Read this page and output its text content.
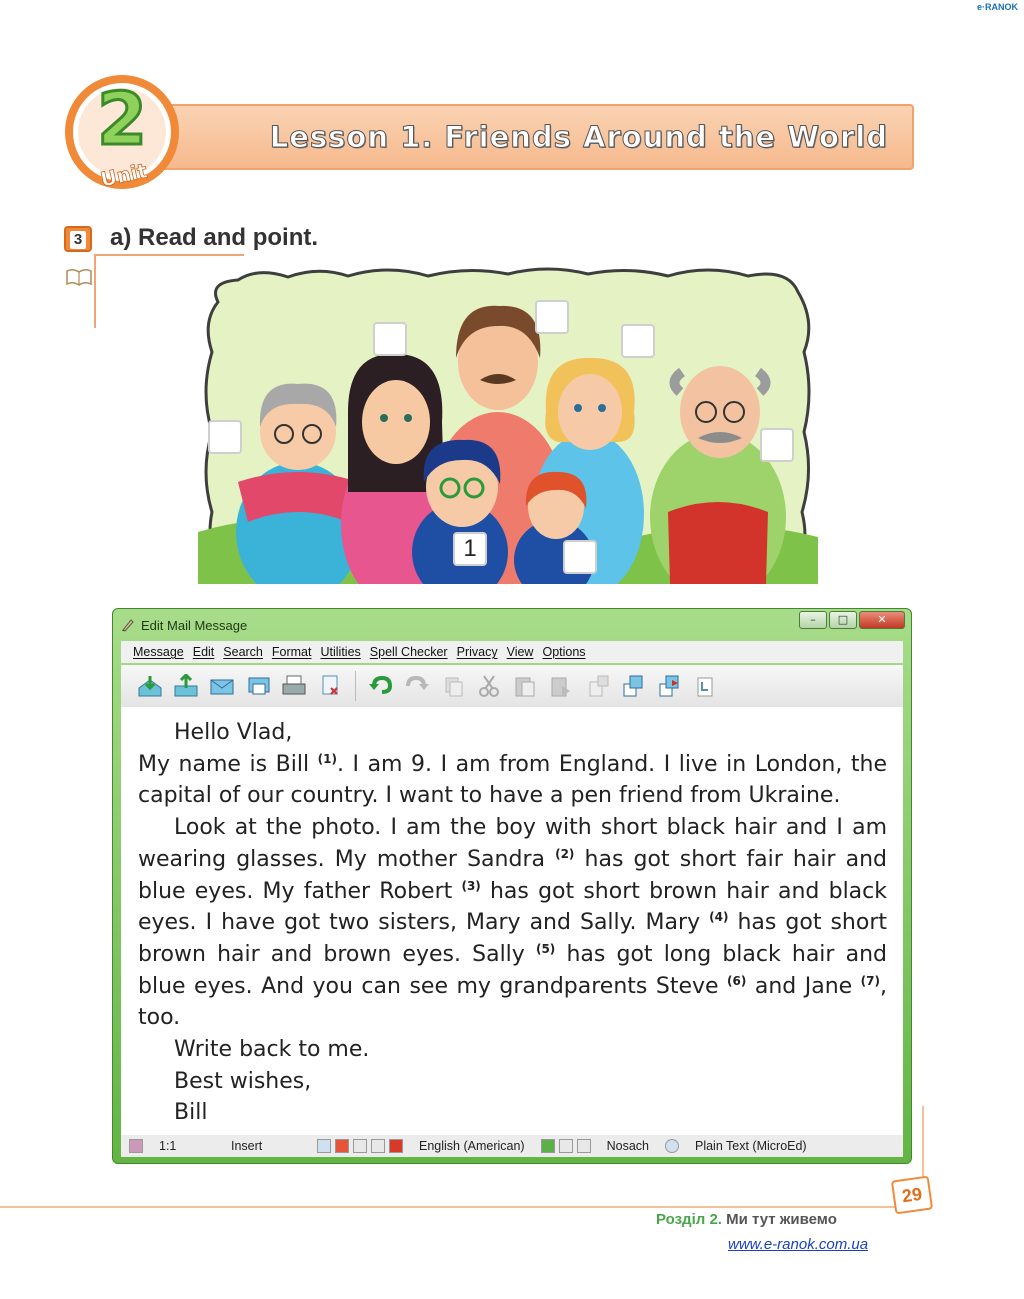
e·RANOK
Lesson 1. Friends Around the World
2
Unit
3	a) Read and point.
1
Edit Mail Message	–	□	✕
Message Edit Search Format Utilities Spell Checker Privacy View Options

Hello Vlad,

My name is Bill $^{(1)}$. I am 9. I am from England. I live in London, the capital of our country. I want to have a pen friend from Ukraine.

Look at the photo. I am the boy with short black hair and I am wearing glasses. My mother Sandra $^{(2)}$ has got short fair hair and blue eyes. My father Robert $^{(3)}$ has got short brown hair and black eyes. I have got two sisters, Mary and Sally. Mary $^{(4)}$ has got short brown hair and brown eyes. Sally $^{(5)}$ has got long black hair and blue eyes. And you can see my grandparents Steve $^{(6)}$ and Jane $^{(7)}$, too.

Write back to me.

Best wishes,

Bill

1:1	Insert	English (American)	Nosach	Plain Text (MicroEd)
29
Розділ 2. Ми тут живемо
www.e-ranok.com.ua
